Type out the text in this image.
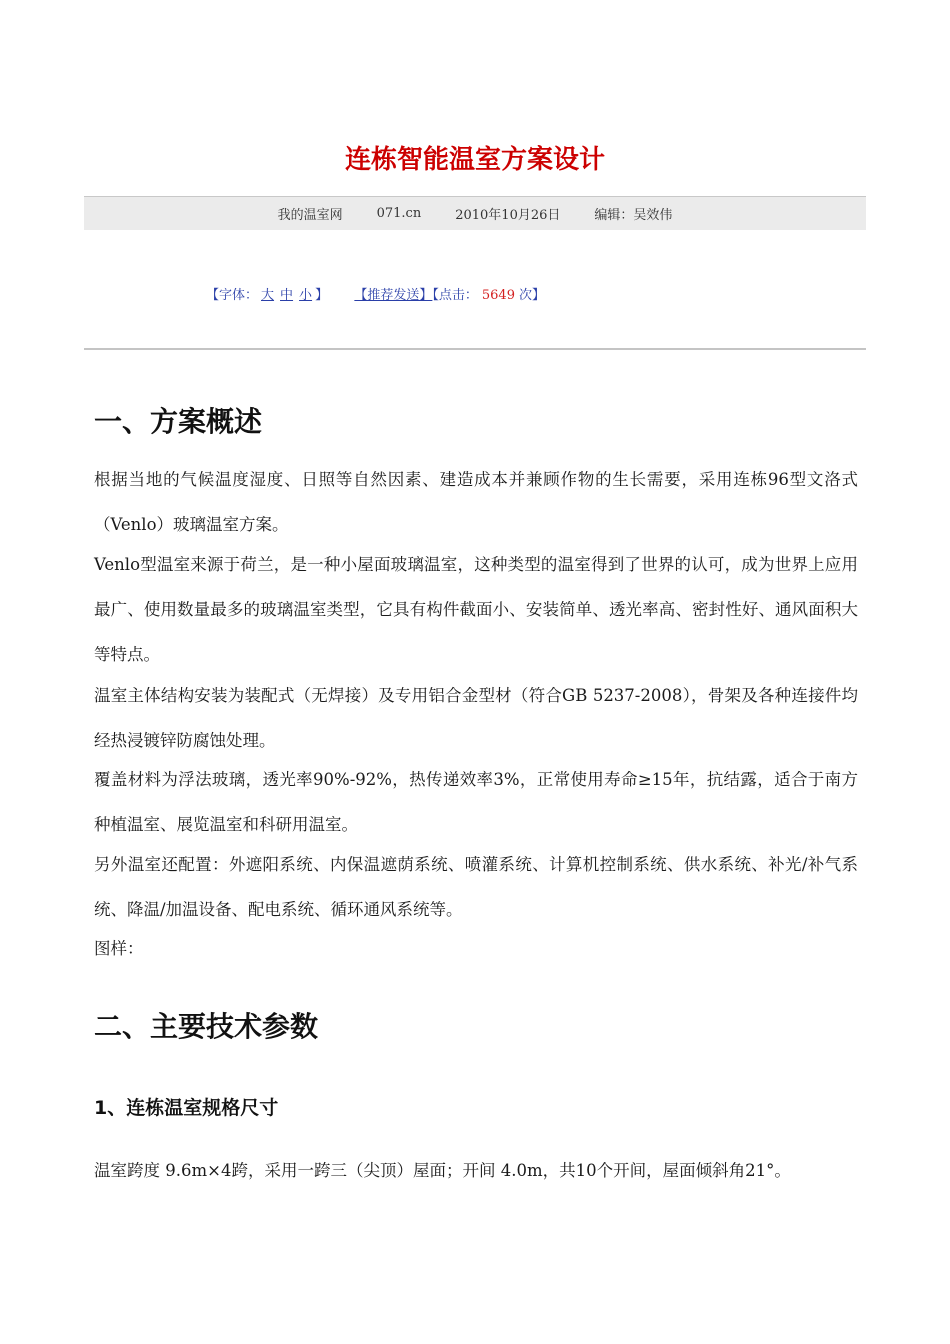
连栋智能温室方案设计
我的温室网	071.cn	2010年10月26日	编辑：吴效伟
【字体： 大 中 小 】 【推荐发送】【点击： 5649 次】
一、方案概述
根据当地的气候温度湿度、日照等自然因素、建造成本并兼顾作物的生长需要，采用连栋96型文洛式（Venlo）玻璃温室方案。
Venlo型温室来源于荷兰，是一种小屋面玻璃温室，这种类型的温室得到了世界的认可，成为世界上应用最广、使用数量最多的玻璃温室类型，它具有构件截面小、安装简单、透光率高、密封性好、通风面积大等特点。
温室主体结构安装为装配式（无焊接）及专用铝合金型材（符合GB 5237-2008），骨架及各种连接件均经热浸镀锌防腐蚀处理。
覆盖材料为浮法玻璃，透光率90%-92%，热传递效率3%，正常使用寿命≥15年，抗结露，适合于南方种植温室、展览温室和科研用温室。
另外温室还配置：外遮阳系统、内保温遮荫系统、喷灌系统、计算机控制系统、供水系统、补光/补气系统、降温/加温设备、配电系统、循环通风系统等。
图样：
二、主要技术参数
1、连栋温室规格尺寸
温室跨度 9.6m×4跨，采用一跨三（尖顶）屋面；开间 4.0m，共10个开间，屋面倾斜角21°。
